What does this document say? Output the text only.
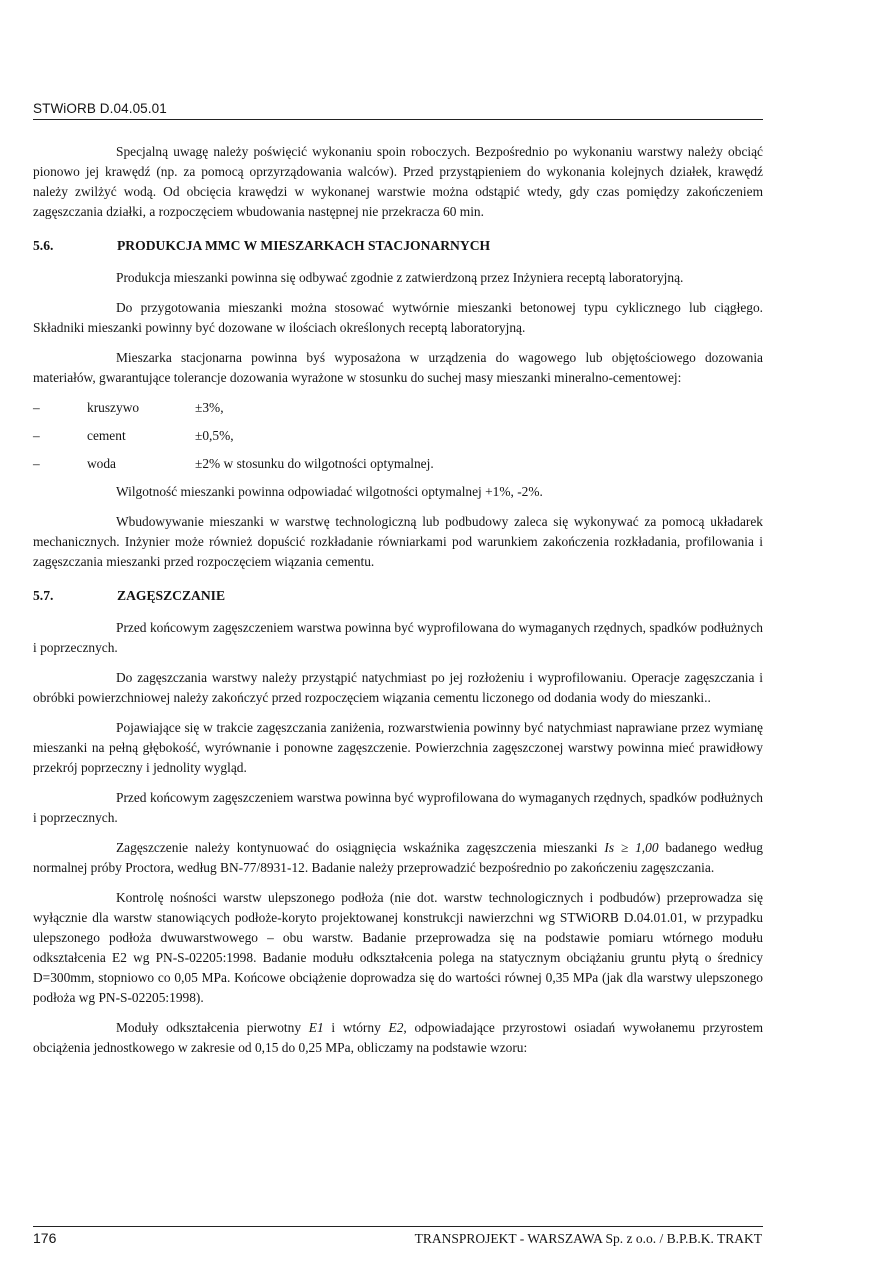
STWiORB D.04.05.01

Specjalną uwagę należy poświęcić wykonaniu spoin roboczych. Bezpośrednio po wykonaniu warstwy należy obciąć pionowo jej krawędź (np. za pomocą oprzyrządowania walców). Przed przystąpieniem do wykonania kolejnych działek, krawędź należy zwilżyć wodą. Od obcięcia krawędzi w wykonanej warstwie można odstąpić wtedy, gdy czas pomiędzy zakończeniem zagęszczania działki, a rozpoczęciem wbudowania następnej nie przekracza 60 min.

5.6.	PRODUKCJA MMC W MIESZARKACH STACJONARNYCH

Produkcja mieszanki powinna się odbywać zgodnie z zatwierdzoną przez Inżyniera receptą laboratoryjną.

Do przygotowania mieszanki można stosować wytwórnie mieszanki betonowej typu cyklicznego lub ciągłego. Składniki mieszanki powinny być dozowane w ilościach określonych receptą laboratoryjną.

Mieszarka stacjonarna powinna byś wyposażona w urządzenia do wagowego lub objętościowego dozowania materiałów, gwarantujące tolerancje dozowania wyrażone w stosunku do suchej masy mieszanki mineralno-cementowej:

–	kruszywo	±3%,
–	cement	±0,5%,
–	woda	±2% w stosunku do wilgotności optymalnej.

Wilgotność mieszanki powinna odpowiadać wilgotności optymalnej +1%, -2%.

Wbudowywanie mieszanki w warstwę technologiczną lub podbudowy zaleca się wykonywać za pomocą układarek mechanicznych. Inżynier może również dopuścić rozkładanie równiarkami pod warunkiem zakończenia rozkładania, profilowania i zagęszczania mieszanki przed rozpoczęciem wiązania cementu.

5.7.	ZAGĘSZCZANIE

Przed końcowym zagęszczeniem warstwa powinna być wyprofilowana do wymaganych rzędnych, spadków podłużnych i poprzecznych.

Do zagęszczania warstwy należy przystąpić natychmiast po jej rozłożeniu i wyprofilowaniu. Operacje zagęszczania i obróbki powierzchniowej należy zakończyć przed rozpoczęciem wiązania cementu liczonego od dodania wody do mieszanki..

Pojawiające się w trakcie zagęszczania zaniżenia, rozwarstwienia powinny być natychmiast naprawiane przez wymianę mieszanki na pełną głębokość, wyrównanie i ponowne zagęszczenie. Powierzchnia zagęszczonej warstwy powinna mieć prawidłowy przekrój poprzeczny i jednolity wygląd.

Przed końcowym zagęszczeniem warstwa powinna być wyprofilowana do wymaganych rzędnych, spadków podłużnych i poprzecznych.

Zagęszczenie należy kontynuować do osiągnięcia wskaźnika zagęszczenia mieszanki Is ≥ 1,00 badanego według normalnej próby Proctora, według BN-77/8931-12. Badanie należy przeprowadzić bezpośrednio po zakończeniu zagęszczania.

Kontrolę nośności warstw ulepszonego podłoża (nie dot. warstw technologicznych i podbudów) przeprowadza się wyłącznie dla warstw stanowiących podłoże-koryto projektowanej konstrukcji nawierzchni wg STWiORB D.04.01.01, w przypadku ulepszonego podłoża dwuwarstwowego – obu warstw. Badanie przeprowadza się na podstawie pomiaru wtórnego modułu odkształcenia E2 wg PN-S-02205:1998. Badanie modułu odkształcenia polega na statycznym obciążaniu gruntu płytą o średnicy D=300mm, stopniowo co 0,05 MPa. Końcowe obciążenie doprowadza się do wartości równej 0,35 MPa (jak dla warstwy ulepszonego podłoża wg PN-S-02205:1998).

Moduły odkształcenia pierwotny E1 i wtórny E2, odpowiadające przyrostowi osiadań wywołanemu przyrostem obciążenia jednostkowego w zakresie od 0,15 do 0,25 MPa, obliczamy na podstawie wzoru:

176	TRANSPROJEKT - WARSZAWA Sp. z o.o. / B.P.B.K. TRAKT
